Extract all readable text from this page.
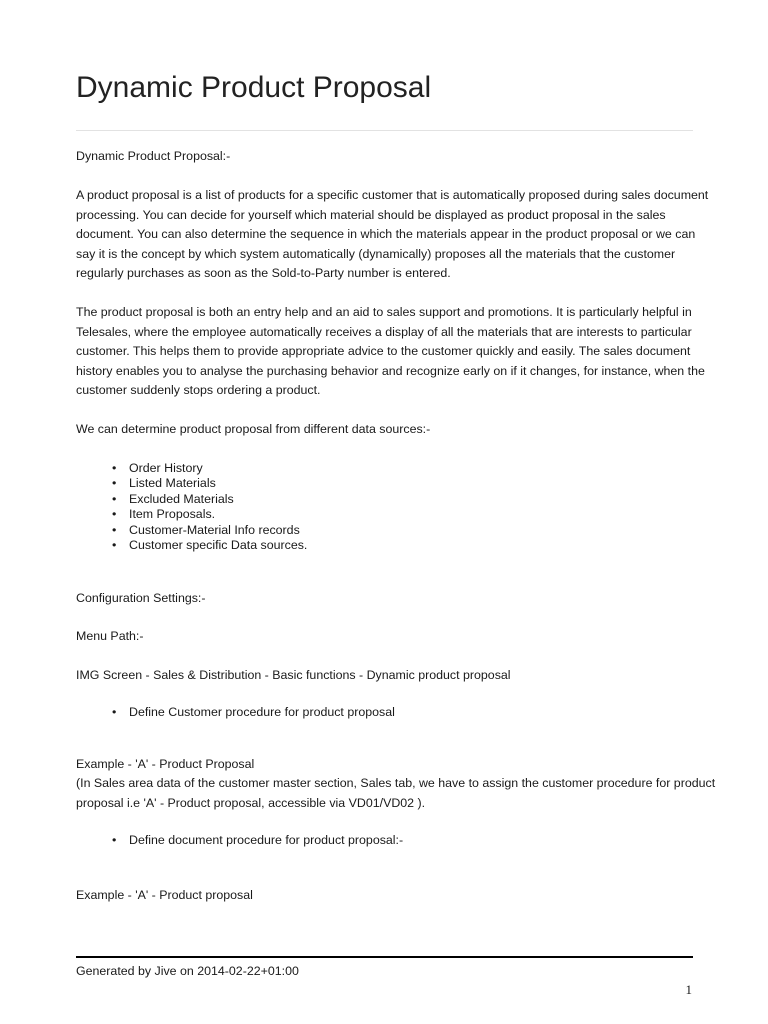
Dynamic Product Proposal

Dynamic Product Proposal:-

A product proposal is a list of products for a specific customer that is automatically proposed during sales document processing. You can decide for yourself which material should be displayed as product proposal in the sales document. You can also determine the sequence in which the materials appear in the product proposal or we can say it is the concept by which system automatically (dynamically) proposes all the materials that the customer regularly purchases as soon as the Sold-to-Party number is entered.

The product proposal is both an entry help and an aid to sales support and promotions. It is particularly helpful in Telesales, where the employee automatically receives a display of all the materials that are interests to particular customer. This helps them to provide appropriate advice to the customer quickly and easily. The sales document history enables you to analyse the purchasing behavior and recognize early on if it changes, for instance, when the customer suddenly stops ordering a product.

We can determine product proposal from different data sources:-

• Order History
• Listed Materials
• Excluded Materials
• Item Proposals.
• Customer-Material Info records
• Customer specific Data sources.

Configuration Settings:-

Menu Path:-

IMG Screen - Sales & Distribution - Basic functions - Dynamic product proposal

• Define Customer procedure for product proposal

Example - 'A' - Product Proposal

(In Sales area data of the customer master section, Sales tab, we have to assign the customer procedure for product proposal i.e 'A' - Product proposal, accessible via VD01/VD02 ).

• Define document procedure for product proposal:-

Example - 'A' - Product proposal

Generated by Jive on 2014-02-22+01:00
1
